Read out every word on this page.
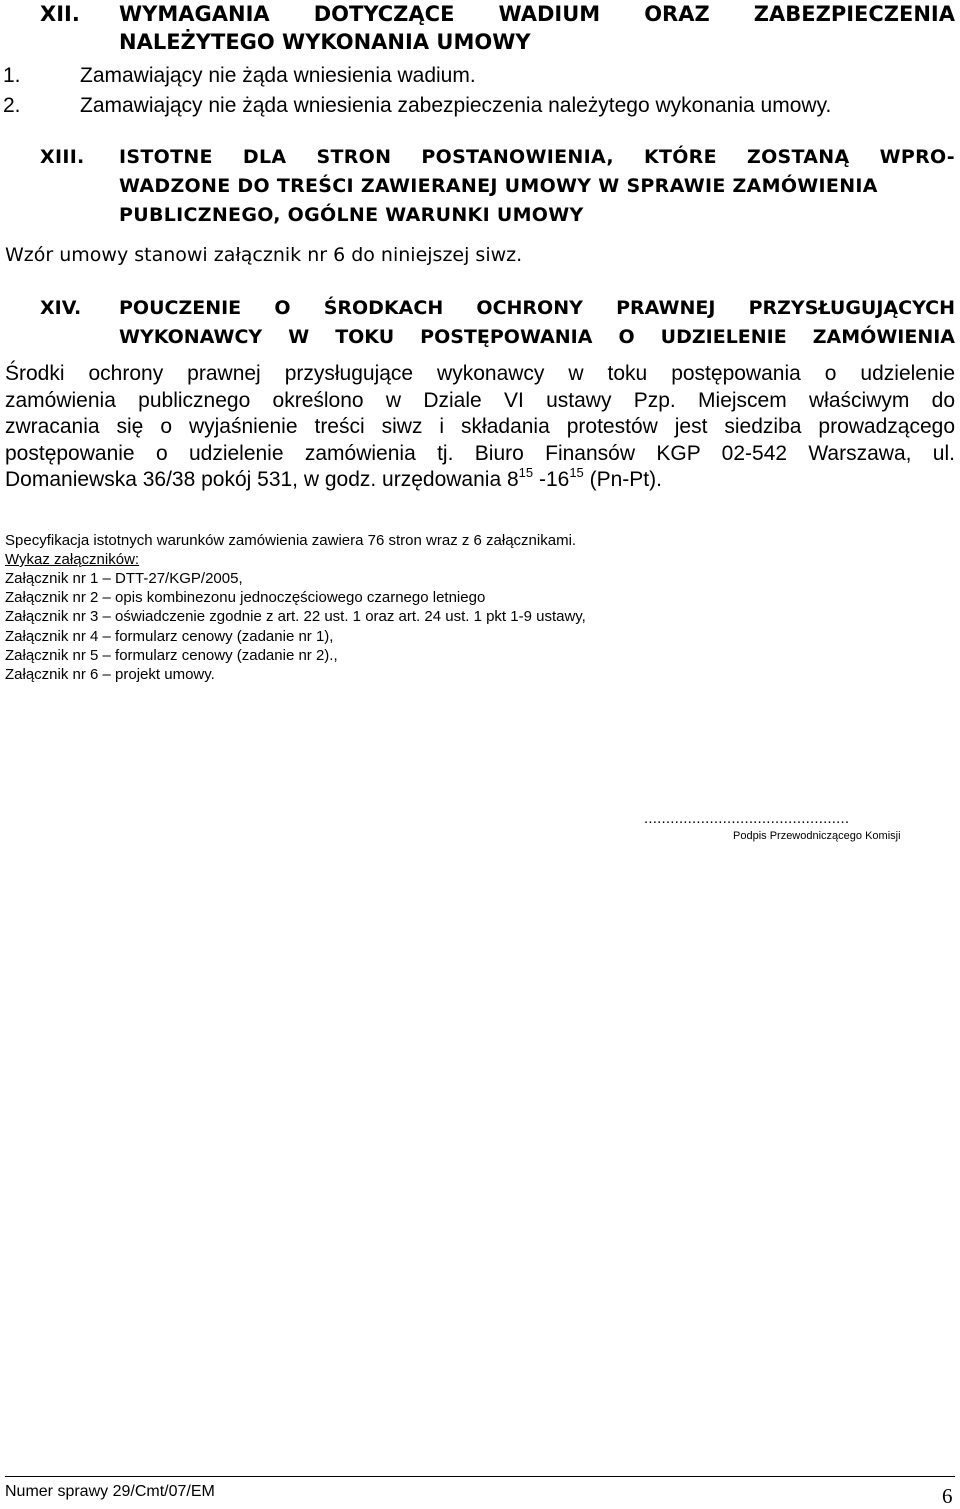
XII. WYMAGANIA DOTYCZĄCE WADIUM ORAZ ZABEZPIECZENIA
NALEŻYTEGO WYKONANIA UMOWY
1.	Zamawiający nie żąda wniesienia wadium.
2.	Zamawiający nie żąda wniesienia zabezpieczenia należytego wykonania umowy.
XIII. ISTOTNE DLA STRON POSTANOWIENIA, KTÓRE ZOSTANĄ WPRO-
WADZONE DO TREŚCI ZAWIERANEJ UMOWY W SPRAWIE ZAMÓWIENIA
PUBLICZNEGO, OGÓLNE WARUNKI UMOWY
Wzór umowy stanowi załącznik nr 6 do niniejszej siwz.
XIV. POUCZENIE O ŚRODKACH OCHRONY PRAWNEJ PRZYSŁUGUJĄCYCH
WYKONAWCY W TOKU POSTĘPOWANIA O UDZIELENIE ZAMÓWIENIA
Środki ochrony prawnej przysługujące wykonawcy w toku postępowania o udzielenie
zamówienia publicznego określono w Dziale VI ustawy Pzp. Miejscem właściwym do
zwracania się o wyjaśnienie treści siwz i składania protestów jest siedziba prowadzącego
postępowanie o udzielenie zamówienia tj. Biuro Finansów KGP 02-542 Warszawa, ul.
Domaniewska 36/38 pokój 531, w godz. urzędowania $8^{15}$ $-16^{15}$ (Pn-Pt).
Specyfikacja istotnych warunków zamówienia zawiera 76 stron wraz z 6 załącznikami.
Wykaz załączników:
Załącznik nr 1 – DTT-27/KGP/2005,
Załącznik nr 2 – opis kombinezonu jednoczęściowego czarnego letniego
Załącznik nr 3 – oświadczenie zgodnie z art. 22 ust. 1 oraz art. 24 ust. 1 pkt 1-9 ustawy,
Załącznik nr 4 – formularz cenowy (zadanie nr 1),
Załącznik nr 5 – formularz cenowy (zadanie nr 2).,
Załącznik nr 6 – projekt umowy.
...............................................
Podpis Przewodniczącego Komisji
Numer sprawy 29/Cmt/07/EM	6
